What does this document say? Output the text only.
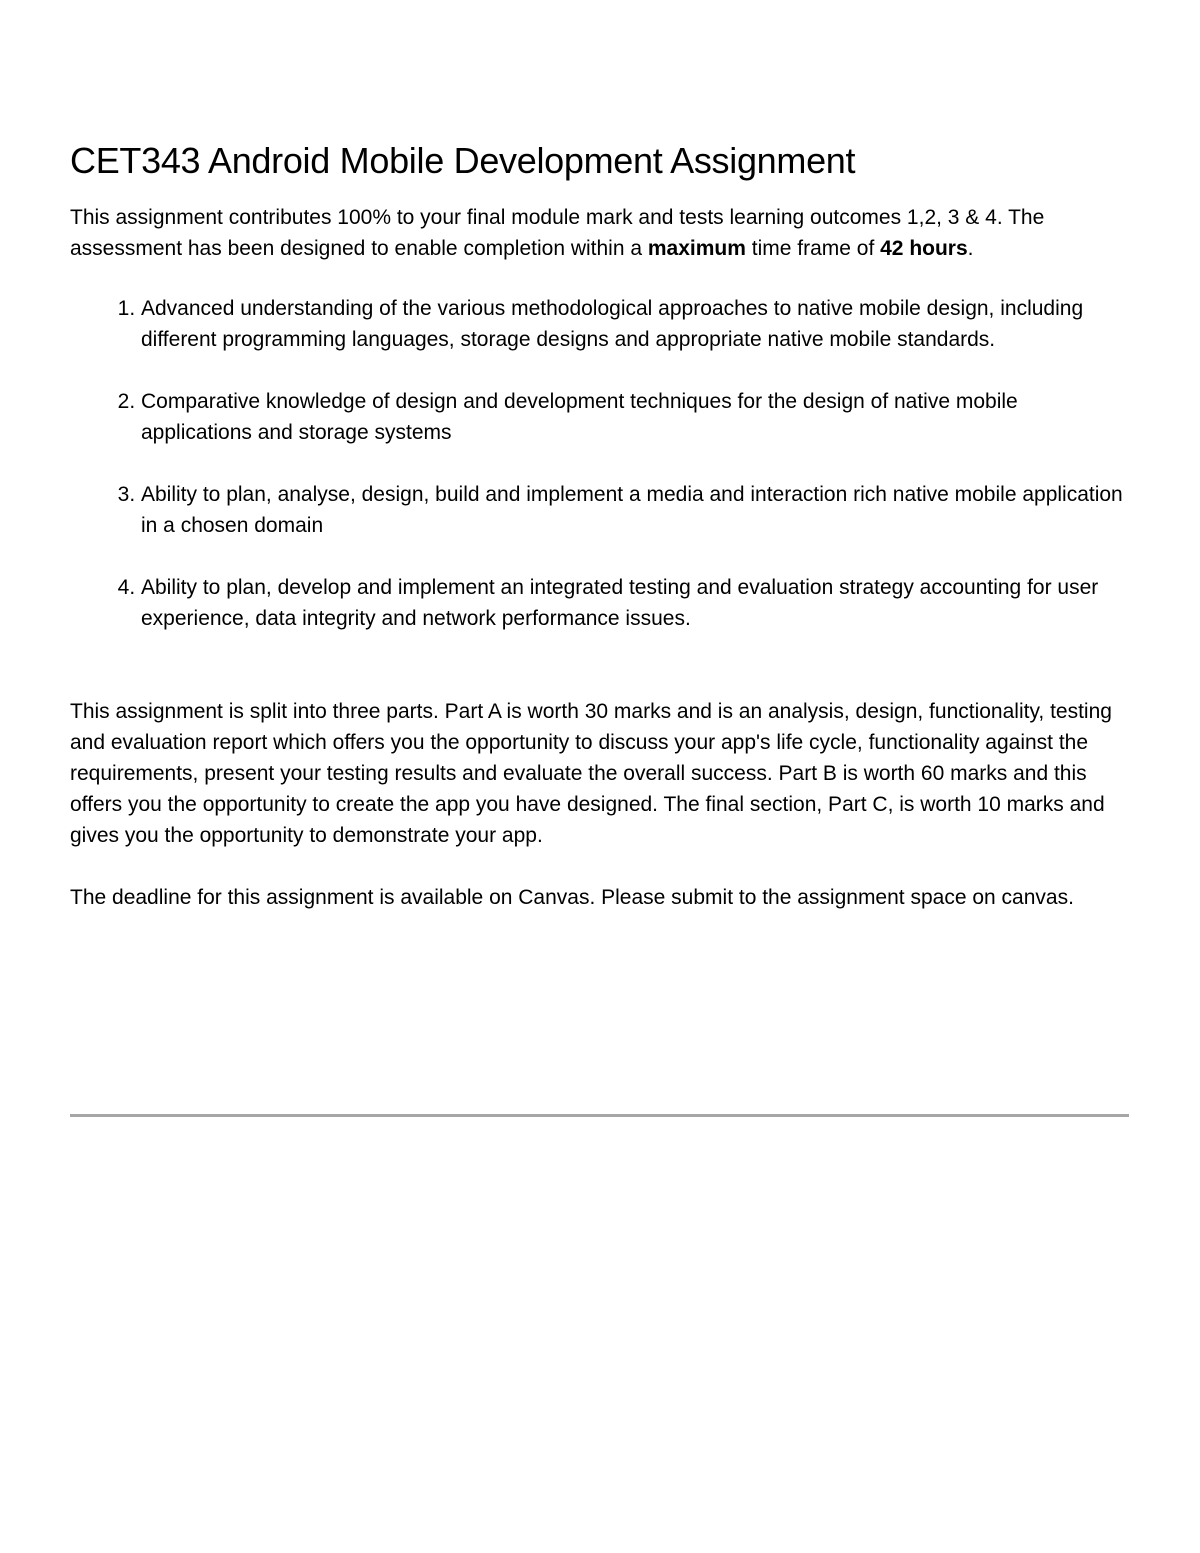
CET343 Android Mobile Development Assignment

This assignment contributes 100% to your final module mark and tests learning outcomes 1,2, 3 & 4. The assessment has been designed to enable completion within a maximum time frame of 42 hours.

1. Advanced understanding of the various methodological approaches to native mobile design, including different programming languages, storage designs and appropriate native mobile standards.
2. Comparative knowledge of design and development techniques for the design of native mobile applications and storage systems
3. Ability to plan, analyse, design, build and implement a media and interaction rich native mobile application in a chosen domain
4. Ability to plan, develop and implement an integrated testing and evaluation strategy accounting for user experience, data integrity and network performance issues.

This assignment is split into three parts. Part A is worth 30 marks and is an analysis, design, functionality, testing and evaluation report which offers you the opportunity to discuss your app's life cycle, functionality against the requirements, present your testing results and evaluate the overall success. Part B is worth 60 marks and this offers you the opportunity to create the app you have designed. The final section, Part C, is worth 10 marks and gives you the opportunity to demonstrate your app.

The deadline for this assignment is available on Canvas. Please submit to the assignment space on canvas.
